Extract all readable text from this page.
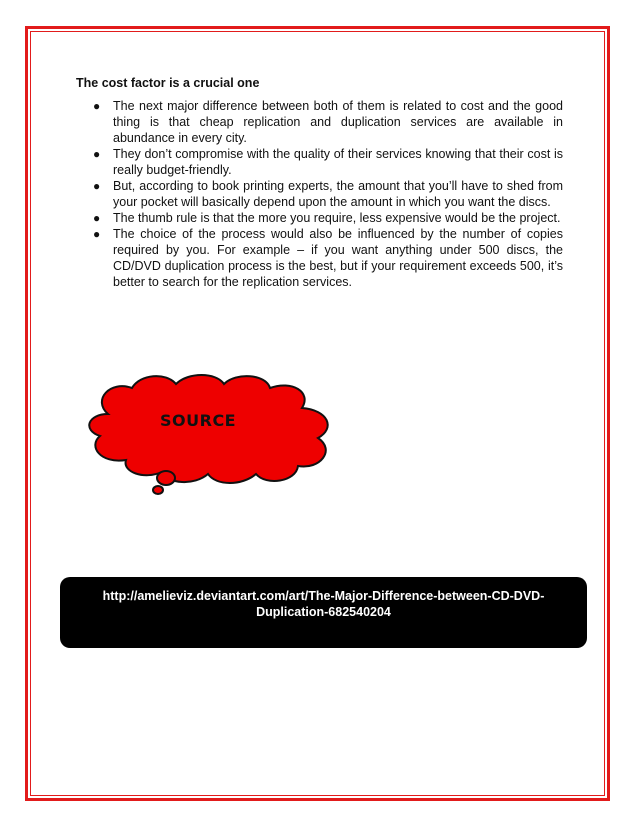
The cost factor is a crucial one

● The next major difference between both of them is related to cost and the good thing is that cheap replication and duplication services are available in abundance in every city.
● They don’t compromise with the quality of their services knowing that their cost is really budget-friendly.
● But, according to book printing experts, the amount that you’ll have to shed from your pocket will basically depend upon the amount in which you want the discs.
● The thumb rule is that the more you require, less expensive would be the project.
● The choice of the process would also be influenced by the number of copies required by you. For example – if you want anything under 500 discs, the CD/DVD duplication process is the best, but if your requirement exceeds 500, it’s better to search for the replication services.
SOURCE
http://amelieviz.deviantart.com/art/The-Major-Difference-between-CD-DVD-
Duplication-682540204
